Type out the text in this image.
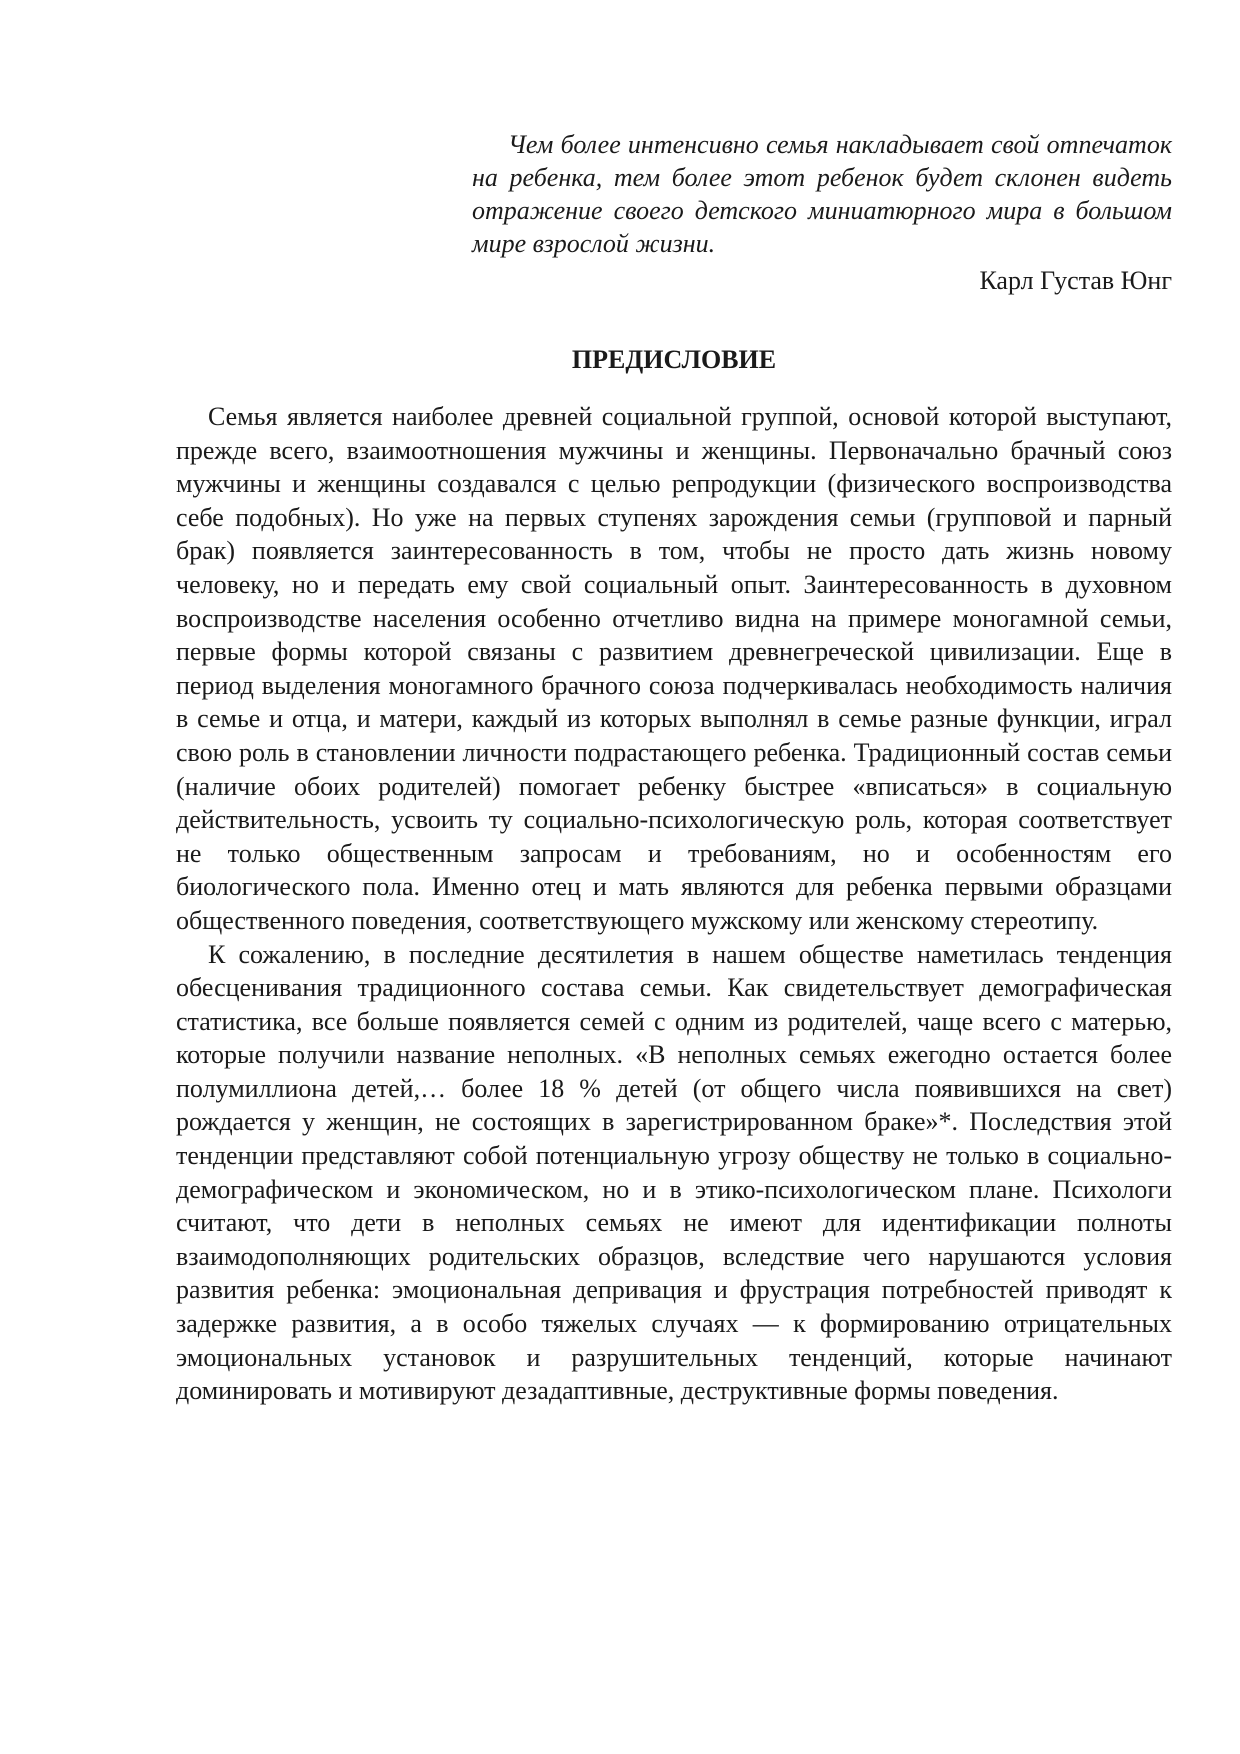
Чем более интенсивно семья накладывает свой отпечаток на ребенка, тем более этот ребенок будет склонен видеть отражение своего детского миниатюрного мира в большом мире взрослой жизни.

Карл Густав Юнг

ПРЕДИСЛОВИЕ

Семья является наиболее древней социальной группой, основой которой выступают, прежде всего, взаимоотношения мужчины и женщины. Первоначально брачный союз мужчины и женщины создавался с целью репродукции (физического воспроизводства себе подобных). Но уже на первых ступенях зарождения семьи (групповой и парный брак) появляется заинтересованность в том, чтобы не просто дать жизнь новому человеку, но и передать ему свой социальный опыт. Заинтересованность в духовном воспроизводстве населения особенно отчетливо видна на примере моногамной семьи, первые формы которой связаны с развитием древнегреческой цивилизации. Еще в период выделения моногамного брачного союза подчеркивалась необходимость наличия в семье и отца, и матери, каждый из которых выполнял в семье разные функции, играл свою роль в становлении личности подрастающего ребенка. Традиционный состав семьи (наличие обоих родителей) помогает ребенку быстрее «вписаться» в социальную действительность, усвоить ту социально-психологическую роль, которая соответствует не только общественным запросам и требованиям, но и особенностям его биологического пола. Именно отец и мать являются для ребенка первыми образцами общественного поведения, соответствующего мужскому или женскому стереотипу.

К сожалению, в последние десятилетия в нашем обществе наметилась тенденция обесценивания традиционного состава семьи. Как свидетельствует демографическая статистика, все больше появляется семей с одним из родителей, чаще всего с матерью, которые получили название неполных. «В неполных семьях ежегодно остается более полумиллиона детей,… более 18 % детей (от общего числа появившихся на свет) рождается у женщин, не состоящих в зарегистрированном браке»*. Последствия этой тенденции представляют собой потенциальную угрозу обществу не только в социально-демографическом и экономическом, но и в этико-психологическом плане. Психологи считают, что дети в неполных семьях не имеют для идентификации полноты взаимодополняющих родительских образцов, вследствие чего нарушаются условия развития ребенка: эмоциональная депривация и фрустрация потребностей приводят к задержке развития, а в особо тяжелых случаях — к формированию отрицательных эмоциональных установок и разрушительных тенденций, которые начинают доминировать и мотивируют дезадаптивные, деструктивные формы поведения.
